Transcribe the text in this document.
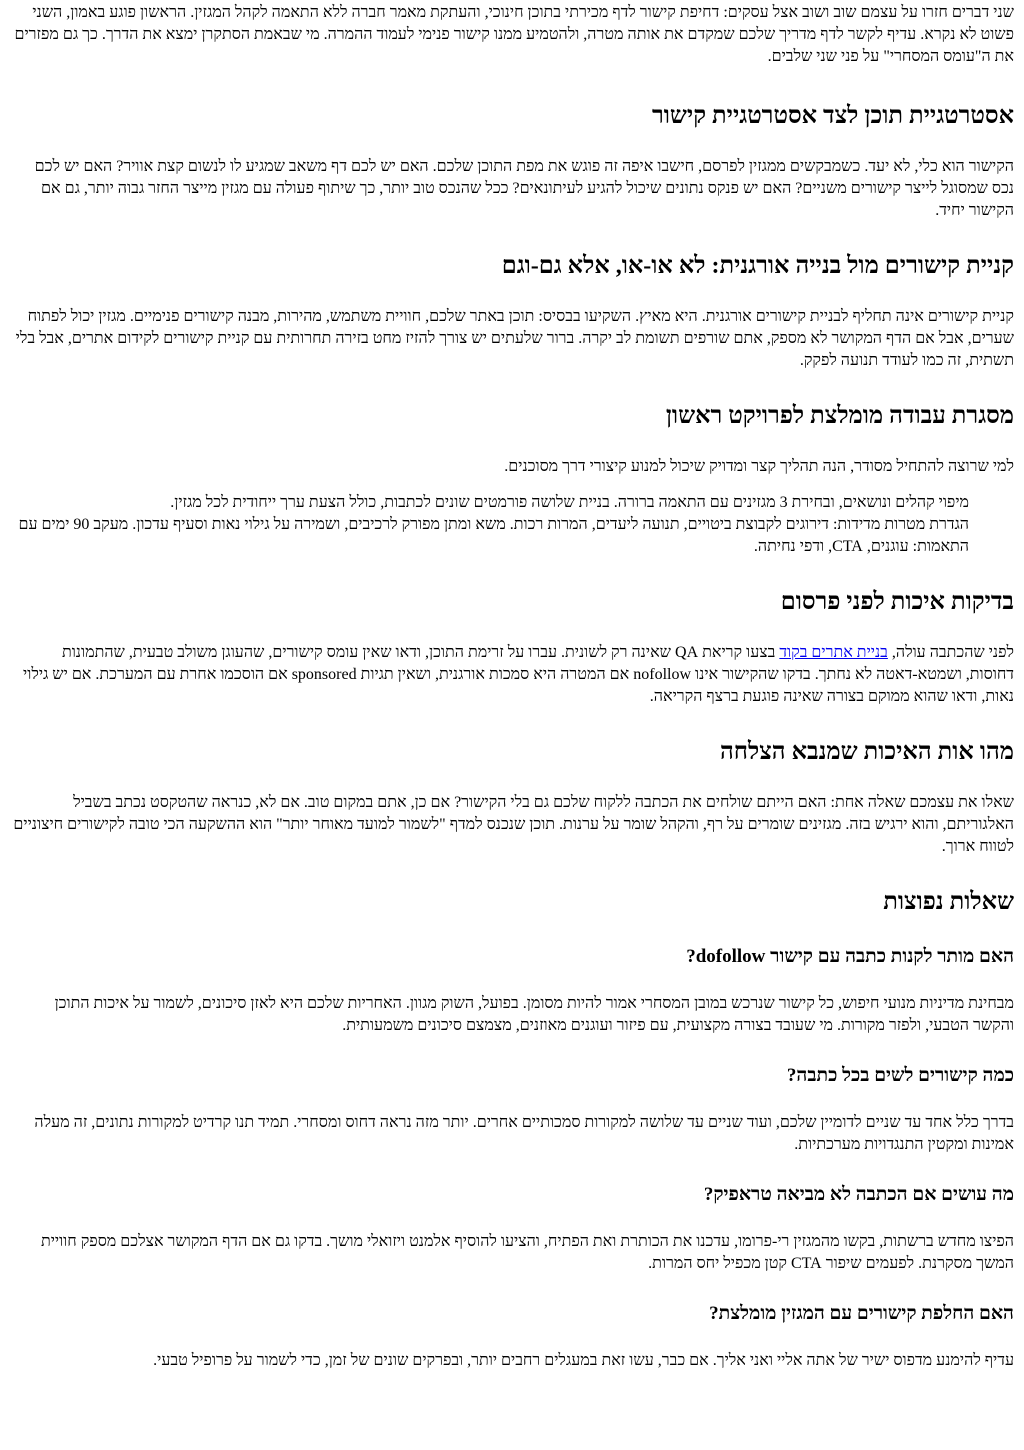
שני דברים חזרו על עצמם שוב ושוב אצל עסקים: דחיפת קישור לדף מכירתי בתוכן חינוכי, והעתקת מאמר חברה ללא התאמה לקהל המגזין. הראשון פוגע באמון, השני פשוט לא נקרא. עדיף לקשר לדף מדריך שלכם שמקדם את אותה מטרה, ולהטמיע ממנו קישור פנימי לעמוד ההמרה. מי שבאמת הסתקרן ימצא את הדרך. כך גם מפזרים את ה"עומס המסחרי" על פני שני שלבים.

אסטרטגיית תוכן לצד אסטרטגיית קישור

הקישור הוא כלי, לא יעד. כשמבקשים ממגזין לפרסם, חישבו איפה זה פוגש את מפת התוכן שלכם. האם יש לכם דף משאב שמגיע לו לנשום קצת אוויר? האם יש לכם נכס שמסוגל לייצר קישורים משניים? האם יש פנקס נתונים שיכול להגיע לעיתונאים? ככל שהנכס טוב יותר, כך שיתוף פעולה עם מגזין מייצר החזר גבוה יותר, גם אם הקישור יחיד.

קניית קישורים מול בנייה אורגנית: לא או-או, אלא גם-וגם

קניית קישורים אינה תחליף לבניית קישורים אורגנית. היא מאיץ. השקיעו בבסיס: תוכן באתר שלכם, חוויית משתמש, מהירות, מבנה קישורים פנימיים. מגזין יכול לפתוח שערים, אבל אם הדף המקושר לא מספק, אתם שורפים תשומת לב יקרה. ברור שלעתים יש צורך להזיז מחט בזירה תחרותית עם קניית קישורים לקידום אתרים, אבל בלי תשתית, זה כמו לעודד תנועה לפקק.

מסגרת עבודה מומלצת לפרויקט ראשון

למי שרוצה להתחיל מסודר, הנה תהליך קצר ומדויק שיכול למנוע קיצורי דרך מסוכנים.

מיפוי קהלים ונושאים, ובחירת 3 מגזינים עם התאמה ברורה. בניית שלושה פורמטים שונים לכתבות, כולל הצעת ערך ייחודית לכל מגזין.
הגדרת מטרות מדידות: דירוגים לקבוצת ביטויים, תנועה ליעדים, המרות רכות. משא ומתן מפורק לרכיבים, ושמירה על גילוי נאות וסעיף עדכון. מעקב 90 ימים עם התאמות: עוגנים, CTA, ודפי נחיתה.
בדיקות איכות לפני פרסום

לפני שהכתבה עולה, בניית אתרים בקוד בצעו קריאת QA שאינה רק לשונית. עברו על זרימת התוכן, ודאו שאין עומס קישורים, שהעוגן משולב טבעית, שהתמונות דחוסות, ושמטא-דאטה לא נחתך. בדקו שהקישור אינו nofollow אם המטרה היא סמכות אורגנית, ושאין תגיות sponsored אם הוסכמו אחרת עם המערכת. אם יש גילוי נאות, ודאו שהוא ממוקם בצורה שאינה פוגעת ברצף הקריאה.

מהו אות האיכות שמנבא הצלחה

שאלו את עצמכם שאלה אחת: האם הייתם שולחים את הכתבה ללקוח שלכם גם בלי הקישור? אם כן, אתם במקום טוב. אם לא, כנראה שהטקסט נכתב בשביל האלגוריתם, והוא ירגיש בזה. מגזינים שומרים על רף, והקהל שומר על ערנות. תוכן שנכנס למדף "לשמור למועד מאוחר יותר" הוא ההשקעה הכי טובה לקישורים חיצוניים לטווח ארוך.

שאלות נפוצות
האם מותר לקנות כתבה עם קישור dofollow?

מבחינת מדיניות מנועי חיפוש, כל קישור שנרכש במובן המסחרי אמור להיות מסומן. בפועל, השוק מגוון. האחריות שלכם היא לאזן סיכונים, לשמור על איכות התוכן והקשר הטבעי, ולפזר מקורות. מי שעובד בצורה מקצועית, עם פיזור ועוגנים מאוזנים, מצמצם סיכונים משמעותית.

כמה קישורים לשים בכל כתבה?

בדרך כלל אחד עד שניים לדומיין שלכם, ועוד שניים עד שלושה למקורות סמכותיים אחרים. יותר מזה נראה דחוס ומסחרי. תמיד תנו קרדיט למקורות נתונים, זה מעלה אמינות ומקטין התנגדויות מערכתיות.

מה עושים אם הכתבה לא מביאה טראפיק?

הפיצו מחדש ברשתות, בקשו מהמגזין רי-פרומו, עדכנו את הכותרת ואת הפתיח, והציעו להוסיף אלמנט ויזואלי מושך. בדקו גם אם הדף המקושר אצלכם מספק חוויית המשך מסקרנת. לפעמים שיפור CTA קטן מכפיל יחס המרות.

האם החלפת קישורים עם המגזין מומלצת?

עדיף להימנע מדפוס ישיר של אתה אליי ואני אליך. אם כבר, עשו זאת במעגלים רחבים יותר, ובפרקים שונים של זמן, כדי לשמור על פרופיל טבעי.
